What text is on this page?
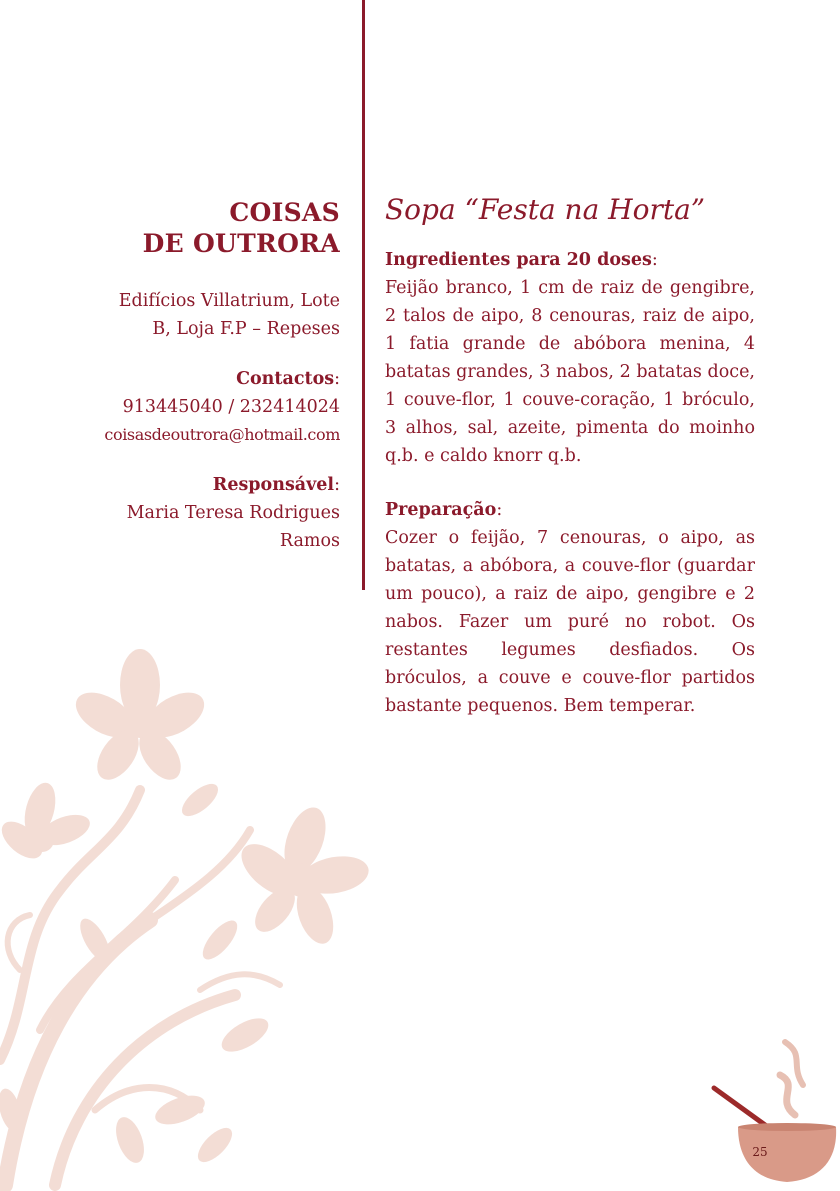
COISAS
DE OUTRORA

Edifícios Villatrium, Lote

B, Loja F.P – Repeses

Contactos:

913445040 / 232414024

coisasdeoutrora@hotmail.com

Responsável:

Maria Teresa Rodrigues

Ramos

Sopa “Festa na Horta”

Ingredientes para 20 doses:

Feijão branco, 1 cm de raiz de gengibre, 2 talos de aipo, 8 cenouras, raiz de aipo, 1 fatia grande de abóbora menina, 4 batatas grandes, 3 nabos, 2 batatas doce, 1 couve-flor, 1 couve-coração, 1 bróculo, 3 alhos, sal, azeite, pimenta do moinho q.b. e caldo knorr q.b.

Preparação:

Cozer o feijão, 7 cenouras, o aipo, as batatas, a abóbora, a couve-flor (guardar um pouco), a raiz de aipo, gengibre e 2 nabos. Fazer um puré no robot. Os restantes legumes desfiados. Os bróculos, a couve e couve-flor partidos bastante pequenos. Bem temperar.

25
